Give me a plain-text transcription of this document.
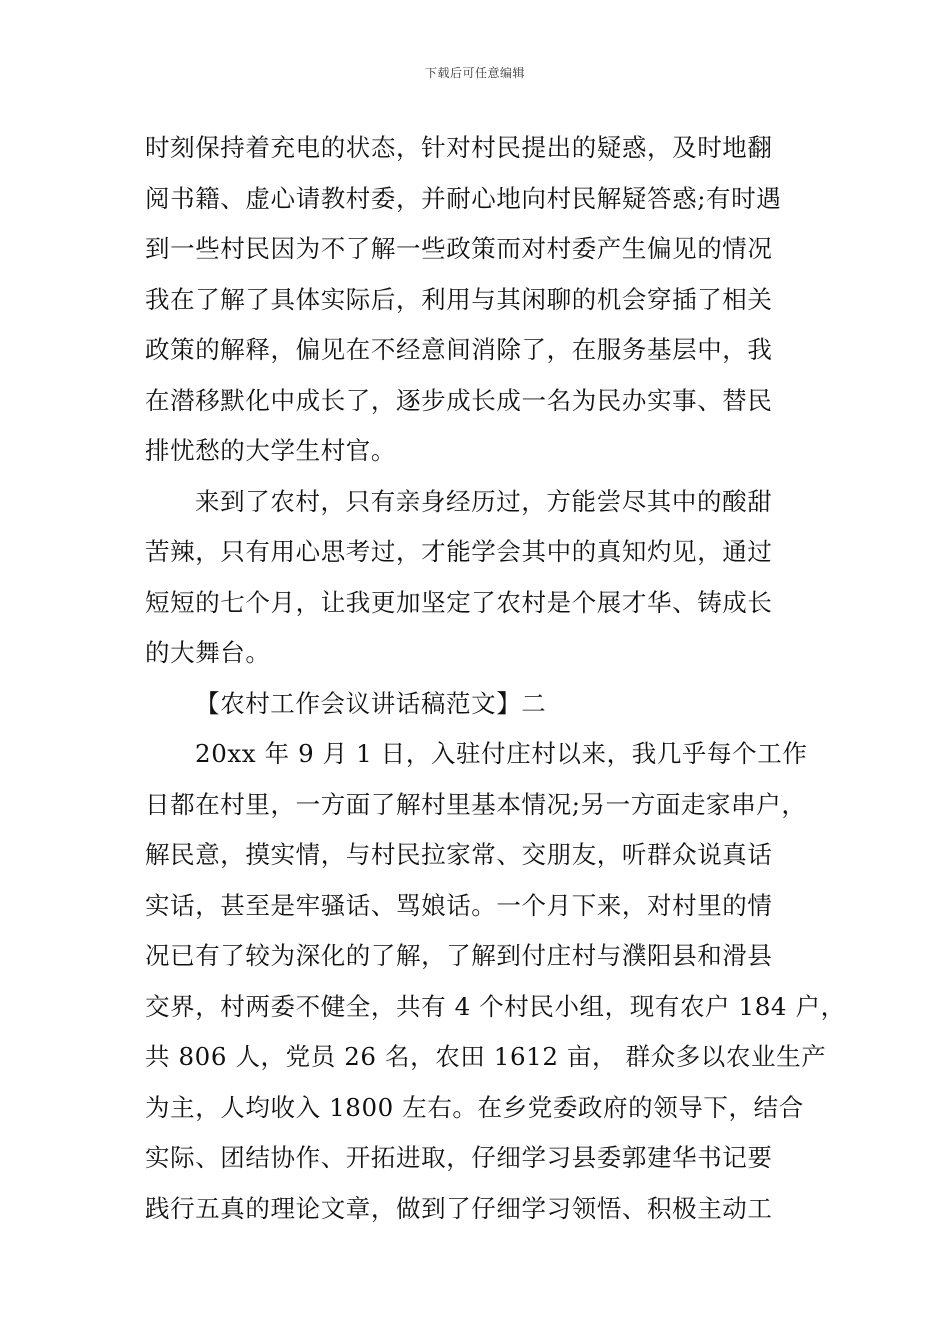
下载后可任意编辑
时刻保持着充电的状态，针对村民提出的疑惑，及时地翻
阅书籍、虚心请教村委，并耐心地向村民解疑答惑;有时遇
到一些村民因为不了解一些政策而对村委产生偏见的情况
我在了解了具体实际后，利用与其闲聊的机会穿插了相关
政策的解释，偏见在不经意间消除了，在服务基层中，我
在潜移默化中成长了，逐步成长成一名为民办实事、替民
排忧愁的大学生村官。
来到了农村，只有亲身经历过，方能尝尽其中的酸甜
苦辣，只有用心思考过，才能学会其中的真知灼见，通过
短短的七个月，让我更加坚定了农村是个展才华、铸成长
的大舞台。
【农村工作会议讲话稿范文】二
20xx 年 9 月 1 日，入驻付庄村以来，我几乎每个工作
日都在村里，一方面了解村里基本情况;另一方面走家串户，
解民意，摸实情，与村民拉家常、交朋友，听群众说真话
实话，甚至是牢骚话、骂娘话。一个月下来，对村里的情
况已有了较为深化的了解，了解到付庄村与濮阳县和滑县
交界，村两委不健全，共有 4 个村民小组，现有农户 184 户，
共 806 人，党员 26 名，农田 1612 亩， 群众多以农业生产
为主，人均收入 1800 左右。在乡党委政府的领导下，结合
实际、团结协作、开拓进取，仔细学习县委郭建华书记要
践行五真的理论文章，做到了仔细学习领悟、积极主动工
